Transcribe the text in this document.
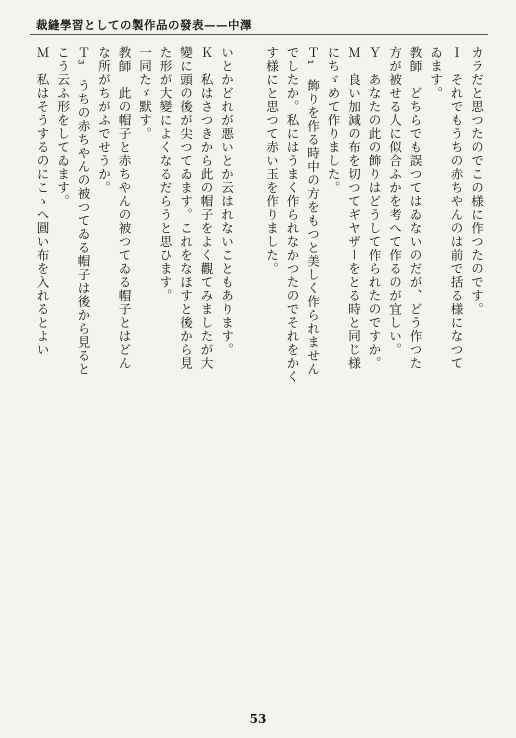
裁縫學習としての製作品の發表——中澤
カラだと思つたのでこの様に作つたのです。
Ｉ　それでもうちの赤ちやんのは前で括る様になつて
ゐます。
教師　どちらでも誤つてはゐないのだが、どう作つた
方が被せる人に似合ふかを考へて作るのが宜しい。
Ｙ　あなたの此の飾りはどうして作られたのですか。
Ｍ　良い加減の布を切つてギヤザーをとる時と同じ様
にちゞめて作りました。
Ｔ₁　飾りを作る時中の方をもつと美しく作られません
でしたか。私にはうまく作られなかつたのでそれをかく
す様にと思つて赤い玉を作りました。
いとかどれが悪いとか云はれないこともあります。
Ｋ　私はさつきから此の帽子をよく觀てみましたが大
變に頭の後が尖つてゐます。これをなほすと後から見
た形が大變によくなるだらうと思ひます。
一同たゞ默す。
教師　此の帽子と赤ちやんの被つてゐる帽子とはどん
な所がちがふでせうか。
Ｔ₃　うちの赤ちやんの被つてゐる帽子は後から見ると
こう云ふ形をしてゐます。
Ｍ　私はそうするのにこゝへ圓い布を入れるとよい
53
